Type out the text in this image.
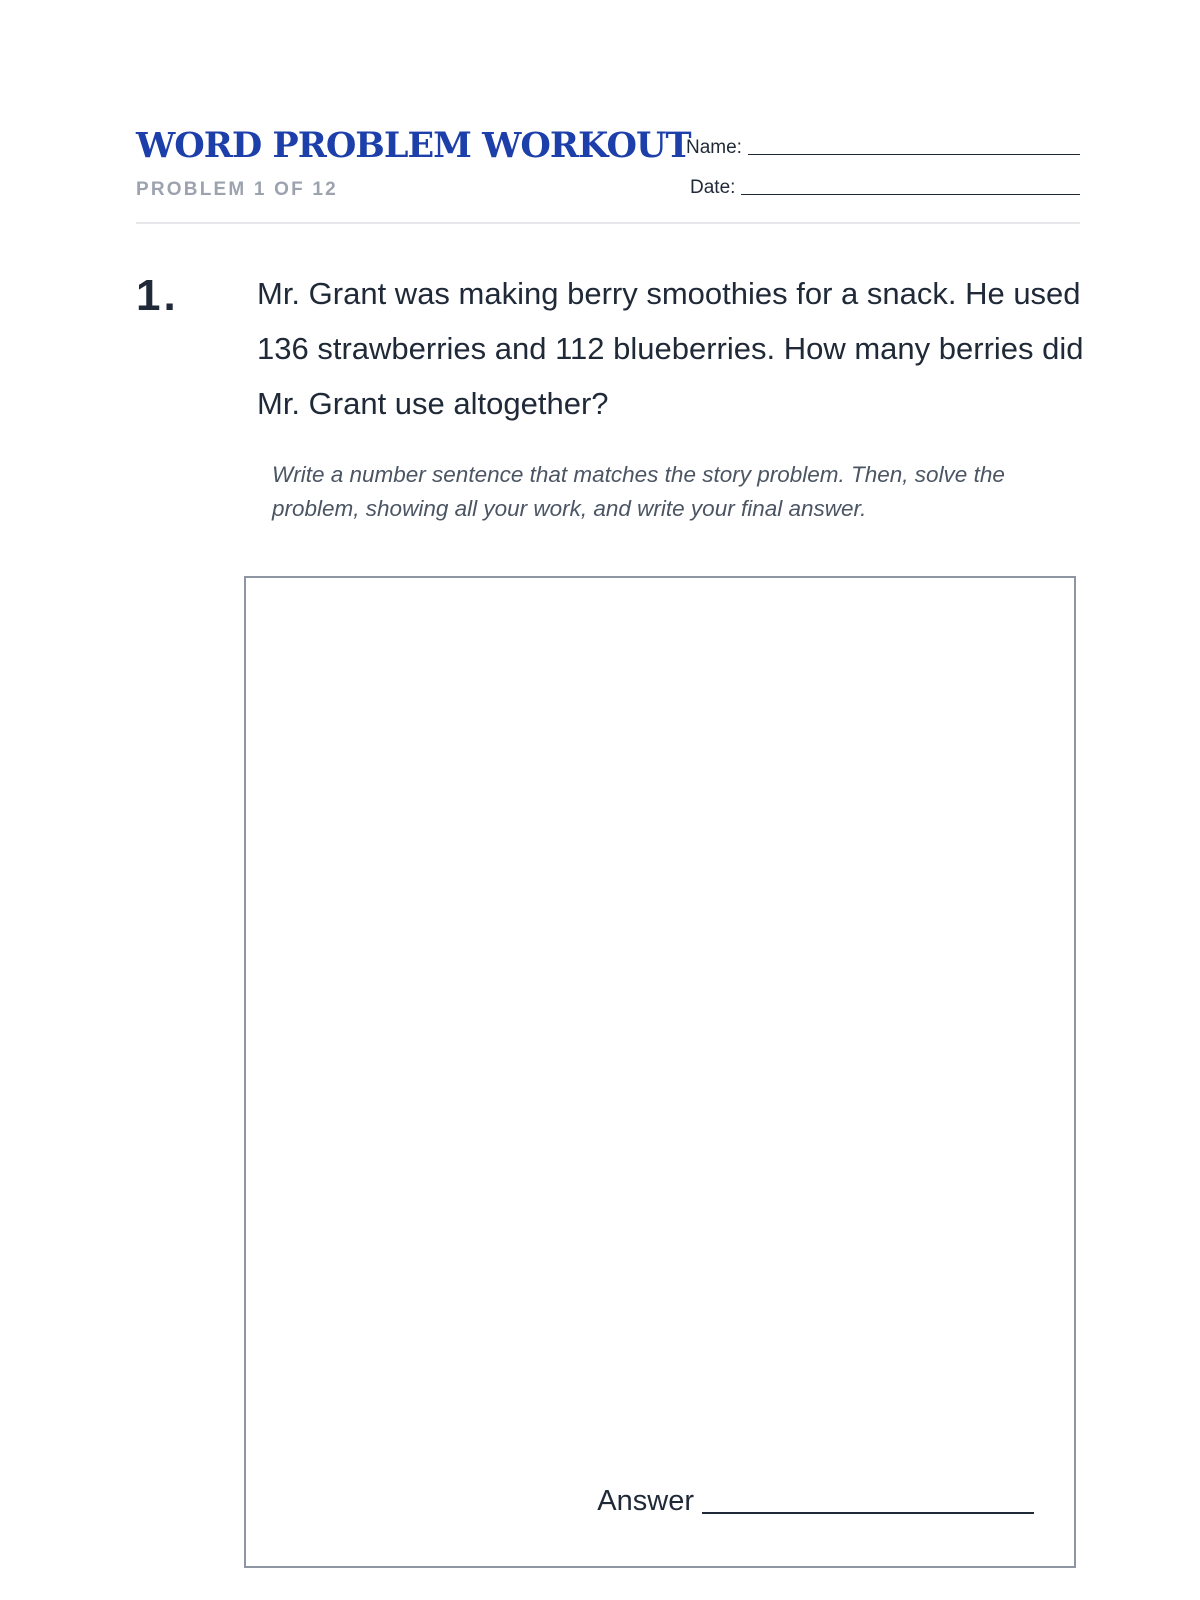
WORD PROBLEM WORKOUT
PROBLEM 1 OF 12
Name:
Date:
1.	Mr. Grant was making berry smoothies for a snack. He used 136 strawberries and 112 blueberries. How many berries did Mr. Grant use altogether?

Write a number sentence that matches the story problem. Then, solve the problem, showing all your work, and write your final answer.

Answer
